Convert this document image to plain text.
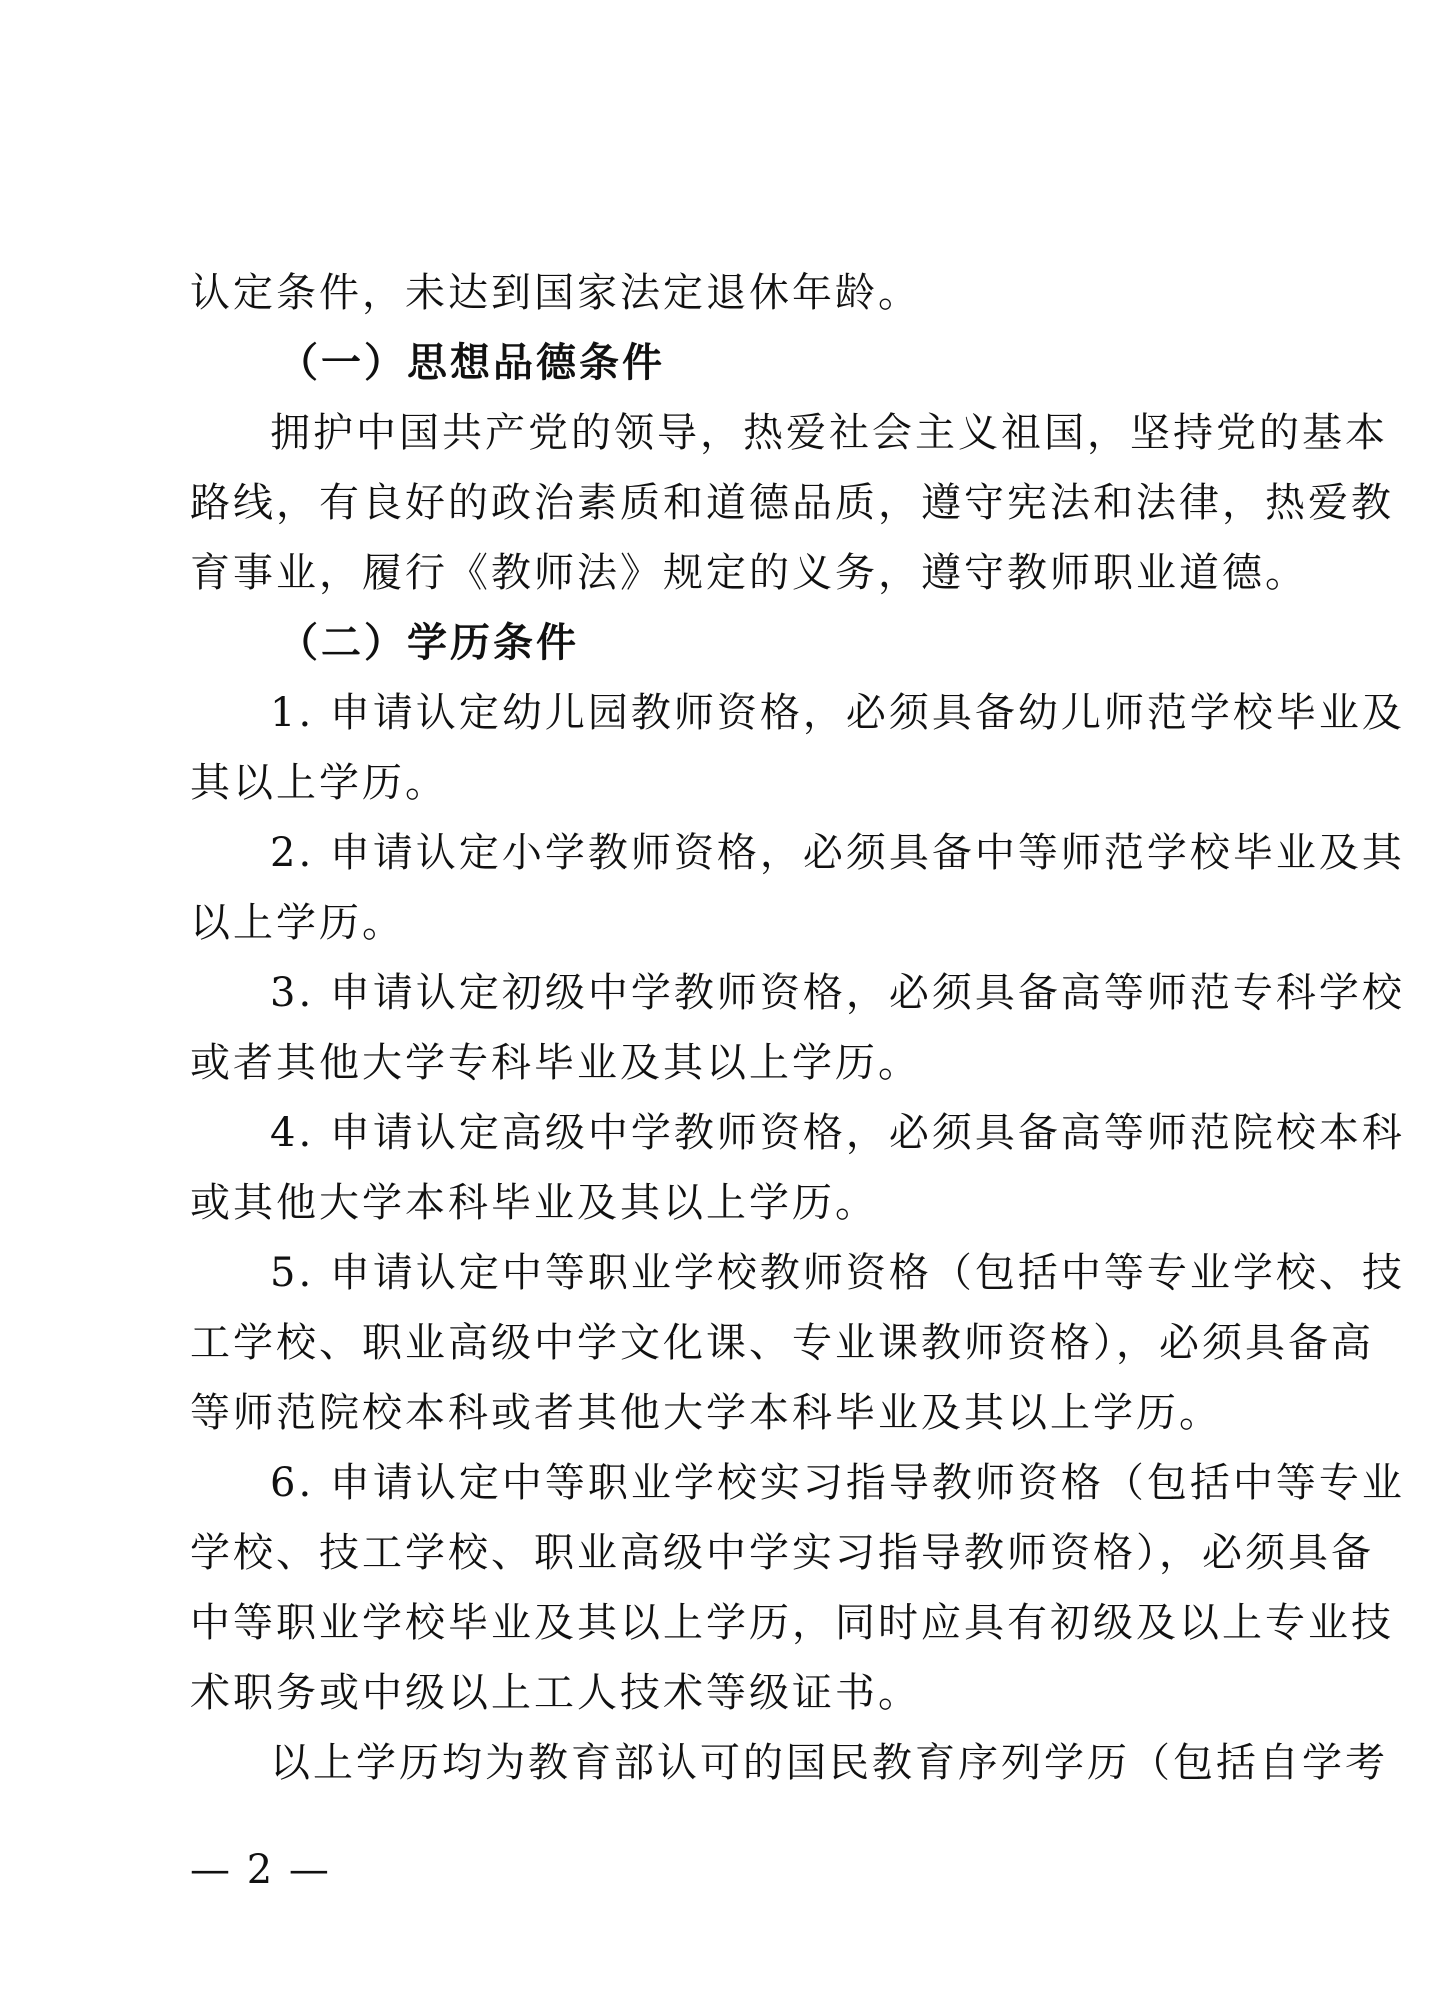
认定条件，未达到国家法定退休年龄。
（一）思想品德条件
拥护中国共产党的领导，热爱社会主义祖国，坚持党的基本
路线，有良好的政治素质和道德品质，遵守宪法和法律，热爱教
育事业，履行《教师法》规定的义务，遵守教师职业道德。
（二）学历条件
1. 申请认定幼儿园教师资格，必须具备幼儿师范学校毕业及
其以上学历。
2. 申请认定小学教师资格，必须具备中等师范学校毕业及其
以上学历。
3. 申请认定初级中学教师资格，必须具备高等师范专科学校
或者其他大学专科毕业及其以上学历。
4. 申请认定高级中学教师资格，必须具备高等师范院校本科
或其他大学本科毕业及其以上学历。
5. 申请认定中等职业学校教师资格（包括中等专业学校、技
工学校、职业高级中学文化课、专业课教师资格），必须具备高
等师范院校本科或者其他大学本科毕业及其以上学历。
6. 申请认定中等职业学校实习指导教师资格（包括中等专业
学校、技工学校、职业高级中学实习指导教师资格），必须具备
中等职业学校毕业及其以上学历，同时应具有初级及以上专业技
术职务或中级以上工人技术等级证书。
以上学历均为教育部认可的国民教育序列学历（包括自学考
— 2 —
